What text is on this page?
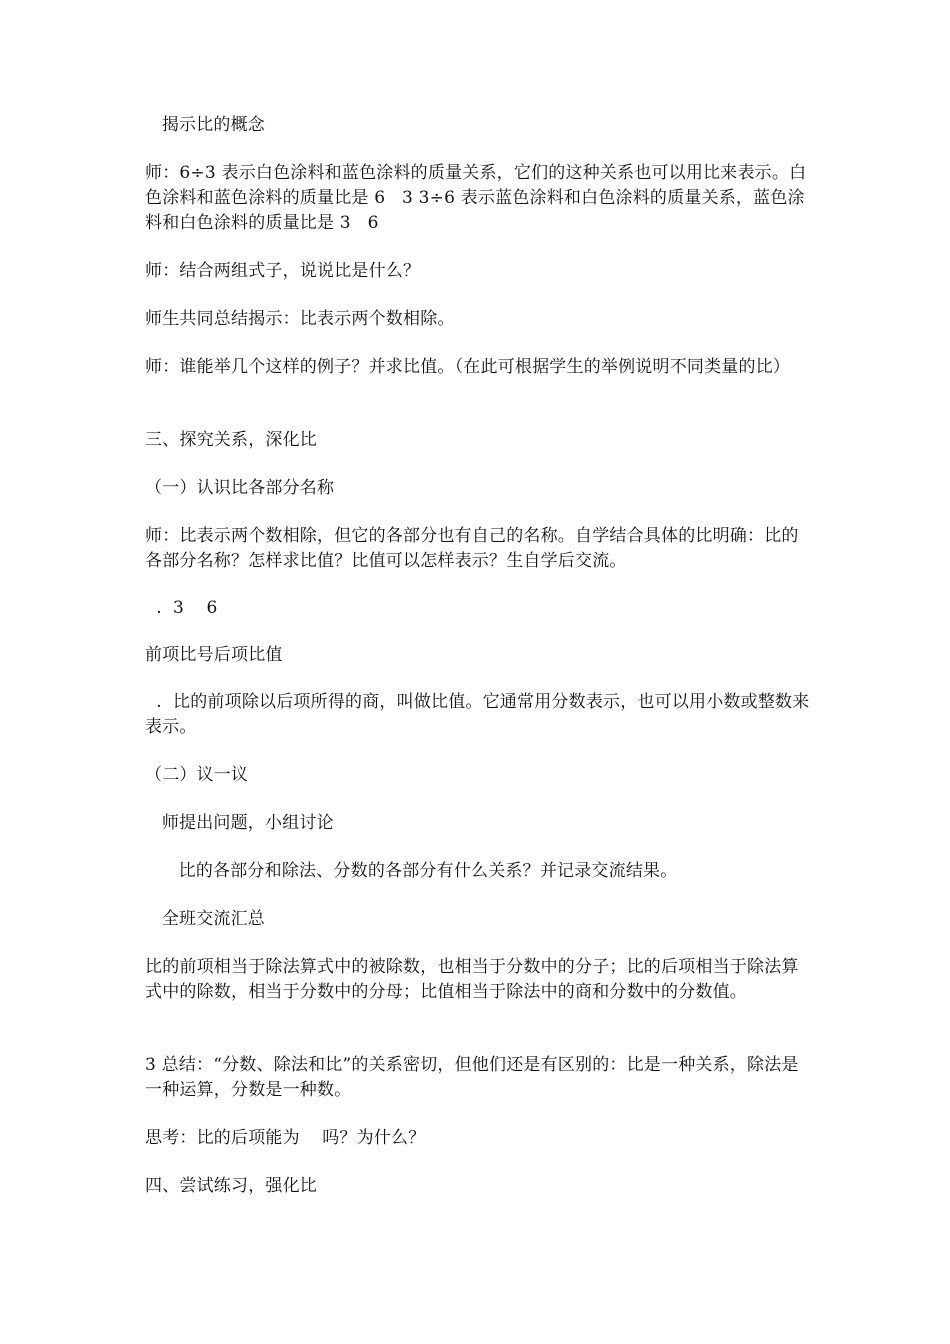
揭示比的概念
师：6÷3 表示白色涂料和蓝色涂料的质量关系，它们的这种关系也可以用比来表示。白色涂料和蓝色涂料的质量比是 6   3 3÷6 表示蓝色涂料和白色涂料的质量关系，蓝色涂料和白色涂料的质量比是 3   6
师：结合两组式子，说说比是什么？
师生共同总结揭示：比表示两个数相除。
师：谁能举几个这样的例子？并求比值。（在此可根据学生的举例说明不同类量的比）
三、探究关系，深化比
（一）认识比各部分名称
师：比表示两个数相除，但它的各部分也有自己的名称。自学结合具体的比明确：比的各部分名称？怎样求比值？比值可以怎样表示？生自学后交流。
.  3    6
前项比号后项比值
.  比的前项除以后项所得的商，叫做比值。它通常用分数表示，也可以用小数或整数来表示。
（二）议一议
师提出问题，小组讨论
比的各部分和除法、分数的各部分有什么关系？并记录交流结果。
全班交流汇总
比的前项相当于除法算式中的被除数，也相当于分数中的分子；比的后项相当于除法算式中的除数，相当于分数中的分母；比值相当于除法中的商和分数中的分数值。
3 总结：“分数、除法和比”的关系密切，但他们还是有区别的：比是一种关系，除法是一种运算，分数是一种数。
思考：比的后项能为    吗？为什么？
四、尝试练习，强化比
